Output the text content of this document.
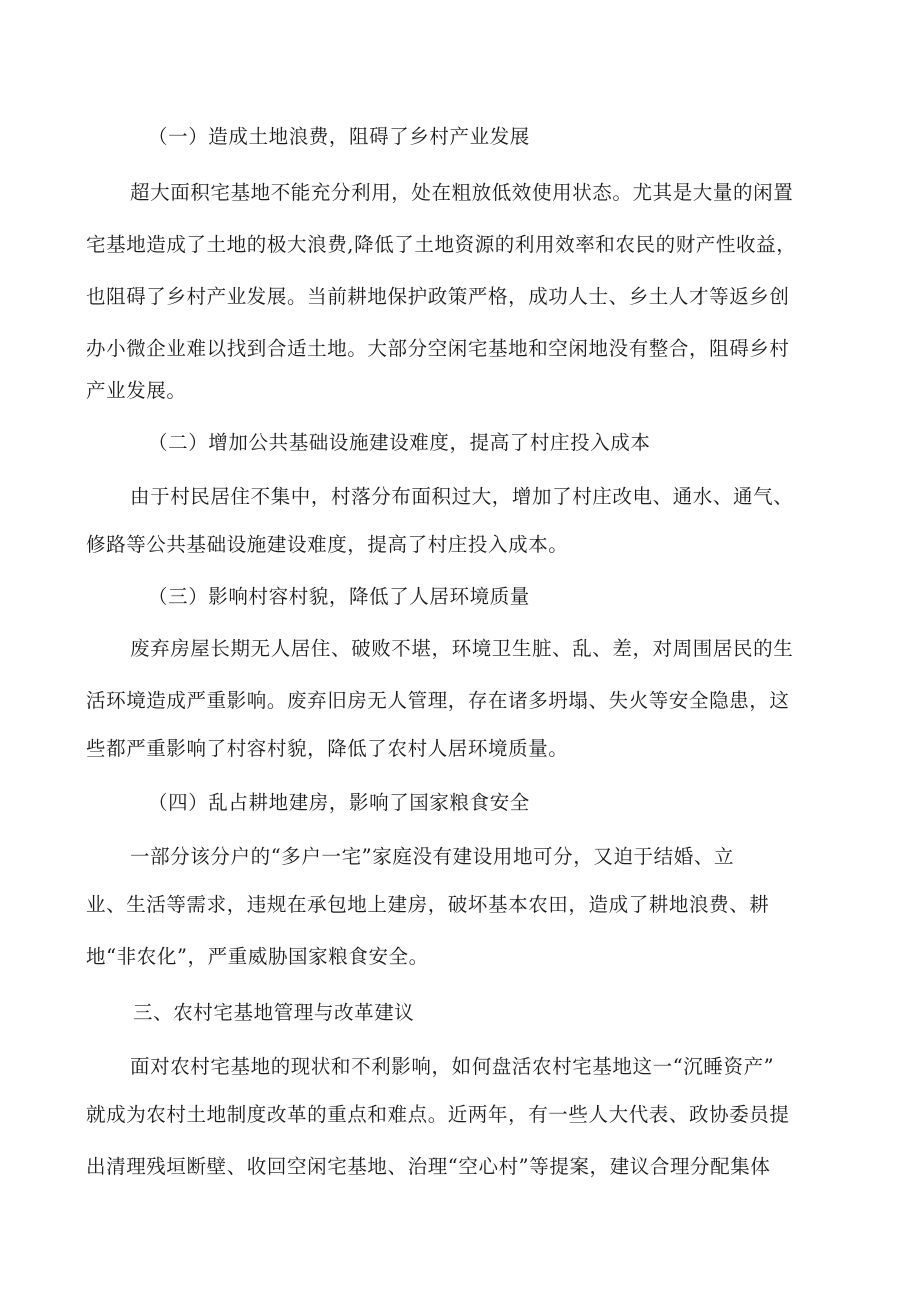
（一）造成土地浪费，阻碍了乡村产业发展
超大面积宅基地不能充分利用，处在粗放低效使用状态。尤其是大量的闲置
宅基地造成了土地的极大浪费,降低了土地资源的利用效率和农民的财产性收益，
也阻碍了乡村产业发展。当前耕地保护政策严格，成功人士、乡土人才等返乡创
办小微企业难以找到合适土地。大部分空闲宅基地和空闲地没有整合，阻碍乡村
产业发展。
（二）增加公共基础设施建设难度，提高了村庄投入成本
由于村民居住不集中，村落分布面积过大，增加了村庄改电、通水、通气、
修路等公共基础设施建设难度，提高了村庄投入成本。
（三）影响村容村貌，降低了人居环境质量
废弃房屋长期无人居住、破败不堪，环境卫生脏、乱、差，对周围居民的生
活环境造成严重影响。废弃旧房无人管理，存在诸多坍塌、失火等安全隐患，这
些都严重影响了村容村貌，降低了农村人居环境质量。
（四）乱占耕地建房，影响了国家粮食安全
一部分该分户的“多户一宅”家庭没有建设用地可分，又迫于结婚、立
业、生活等需求，违规在承包地上建房，破坏基本农田，造成了耕地浪费、耕
地“非农化”，严重威胁国家粮食安全。
三、农村宅基地管理与改革建议
面对农村宅基地的现状和不利影响，如何盘活农村宅基地这一“沉睡资产”
就成为农村土地制度改革的重点和难点。近两年，有一些人大代表、政协委员提
出清理残垣断壁、收回空闲宅基地、治理“空心村”等提案，建议合理分配集体
